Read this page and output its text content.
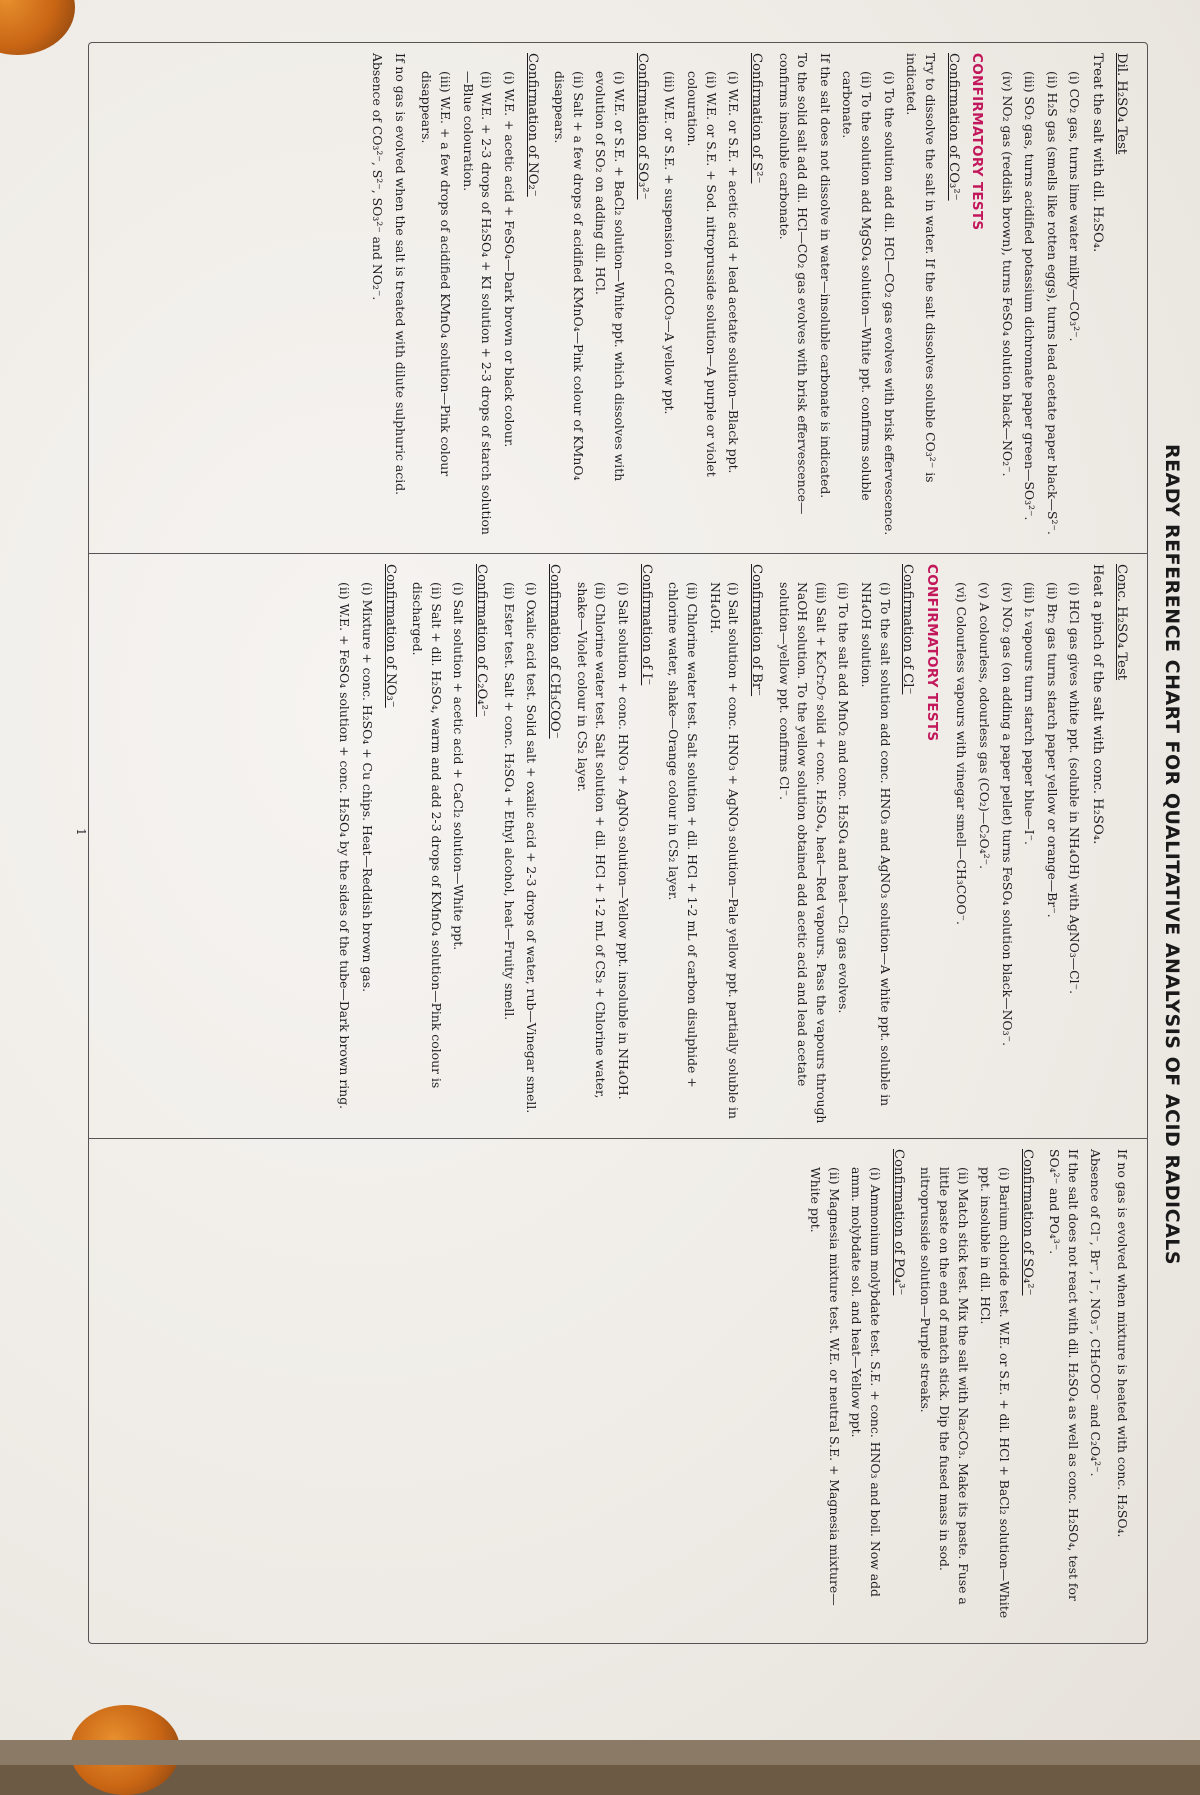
READY REFERENCE CHART FOR QUALITATIVE ANALYSIS OF ACID RADICALS
Dil. H₂SO₄ Test
Treat the salt with dil. H₂SO₄.
(i) CO₂ gas, turns lime water milky—CO₃²⁻.
(ii) H₂S gas (smells like rotten eggs), turns lead acetate paper black—S²⁻.
(iii) SO₂ gas, turns acidified potassium dichromate paper green—SO₃²⁻.
(iv) NO₂ gas (reddish brown), turns FeSO₄ solution black—NO₂⁻.
CONFIRMATORY TESTS
Confirmation of CO₃²⁻
Try to dissolve the salt in water. If the salt dissolves soluble CO₃²⁻ is indicated.
(i) To the solution add dil. HCl—CO₂ gas evolves with brisk effervescence.
(ii) To the solution add MgSO₄ solution—White ppt. confirms soluble carbonate.
If the salt does not dissolve in water—insoluble carbonate is indicated.
To the solid salt add dil. HCl—CO₂ gas evolves with brisk effervescence—confirms insoluble carbonate.
Confirmation of S²⁻
(i) W.E. or S.E. + acetic acid + lead acetate solution—Black ppt.
(ii) W.E. or S.E. + Sod. nitroprusside solution—A purple or violet colouration.
(iii) W.E. or S.E. + suspension of CdCO₃—A yellow ppt.
Confirmation of SO₃²⁻
(i) W.E. or S.E. + BaCl₂ solution—White ppt. which dissolves with evolution of SO₂ on adding dil. HCl.
(ii) Salt + a few drops of acidified KMnO₄—Pink colour of KMnO₄ disappears.
Confirmation of NO₂⁻
(i) W.E. + acetic acid + FeSO₄—Dark brown or black colour.
(ii) W.E. + 2-3 drops of H₂SO₄ + KI solution + 2-3 drops of starch solution—Blue colouration.
(iii) W.E. + a few drops of acidified KMnO₄ solution—Pink colour disappears.
If no gas is evolved when the salt is treated with dilute sulphuric acid.
Absence of CO₃²⁻, S²⁻, SO₃²⁻ and NO₂⁻.
Conc. H₂SO₄ Test
Heat a pinch of the salt with conc. H₂SO₄.
(i) HCl gas gives white ppt. (soluble in NH₄OH) with AgNO₃—Cl⁻.
(ii) Br₂ gas turns starch paper yellow or orange—Br⁻.
(iii) I₂ vapours turn starch paper blue—I⁻.
(iv) NO₂ gas (on adding a paper pellet) turns FeSO₄ solution black—NO₃⁻.
(v) A colourless, odourless gas (CO₂)—C₂O₄²⁻.
(vi) Colourless vapours with vinegar smell—CH₃COO⁻.
CONFIRMATORY TESTS
Confirmation of Cl⁻
(i) To the salt solution add conc. HNO₃ and AgNO₃ solution—A white ppt. soluble in NH₄OH solution.
(ii) To the salt add MnO₂ and conc. H₂SO₄ and heat—Cl₂ gas evolves.
(iii) Salt + K₂Cr₂O₇ solid + conc. H₂SO₄, heat—Red vapours. Pass the vapours through NaOH solution. To the yellow solution obtained add acetic acid and lead acetate solution—yellow ppt. confirms Cl⁻.
Confirmation of Br⁻
(i) Salt solution + conc. HNO₃ + AgNO₃ solution—Pale yellow ppt. partially soluble in NH₄OH.
(ii) Chlorine water test. Salt solution + dil. HCl + 1-2 mL of carbon disulphide + chlorine water, shake—Orange colour in CS₂ layer.
Confirmation of I⁻
(i) Salt solution + conc. HNO₃ + AgNO₃ solution—Yellow ppt. insoluble in NH₄OH.
(ii) Chlorine water test. Salt solution + dil. HCl + 1-2 mL of CS₂ + Chlorine water, shake—Violet colour in CS₂ layer.
Confirmation of CH₃COO⁻
(i) Oxalic acid test. Solid salt + oxalic acid + 2-3 drops of water, rub—Vinegar smell.
(ii) Ester test. Salt + conc. H₂SO₄ + Ethyl alcohol, heat—Fruity smell.
Confirmation of C₂O₄²⁻
(i) Salt solution + acetic acid + CaCl₂ solution—White ppt.
(ii) Salt + dil. H₂SO₄, warm and add 2-3 drops of KMnO₄ solution—Pink colour is discharged.
Confirmation of NO₃⁻
(i) Mixture + conc. H₂SO₄ + Cu chips. Heat—Reddish brown gas.
(ii) W.E. + FeSO₄ solution + conc. H₂SO₄ by the sides of the tube—Dark brown ring.
If no gas is evolved when mixture is heated with conc. H₂SO₄.
Absence of Cl⁻, Br⁻, I⁻, NO₃⁻, CH₃COO⁻ and C₂O₄²⁻.
If the salt does not react with dil. H₂SO₄ as well as conc. H₂SO₄, test for SO₄²⁻ and PO₄³⁻.
Confirmation of SO₄²⁻
(i) Barium chloride test. W.E. or S.E. + dil. HCl + BaCl₂ solution—White ppt. insoluble in dil. HCl.
(ii) Match stick test. Mix the salt with Na₂CO₃. Make its paste. Fuse a little paste on the end of match stick. Dip the fused mass in sod. nitroprusside solution—Purple streaks.
Confirmation of PO₄³⁻
(i) Ammonium molybdate test. S.E. + conc. HNO₃ and boil. Now add amm. molybdate sol. and heat—Yellow ppt.
(ii) Magnesia mixture test. W.E. or neutral S.E. + Magnesia mixture—White ppt.
1
